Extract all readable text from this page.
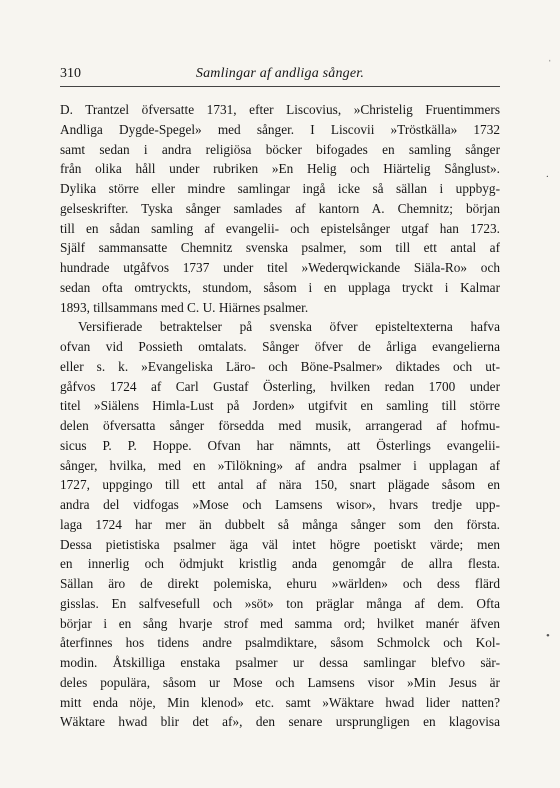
310	Samlingar af andliga sånger.
D. Trantzel öfversatte 1731, efter Liscovius, »Christelig Fruentimmers
Andliga Dygde-Spegel» med sånger. I Liscovii »Tröstkälla» 1732
samt sedan i andra religiösa böcker bifogades en samling sånger
från olika håll under rubriken »En Helig och Hiärtelig Sånglust».
Dylika större eller mindre samlingar ingå icke så sällan i uppbyg-
gelseskrifter. Tyska sånger samlades af kantorn A. Chemnitz; början
till en sådan samling af evangelii- och epistelsånger utgaf han 1723.
Själf sammansatte Chemnitz svenska psalmer, som till ett antal af
hundrade utgåfvos 1737 under titel »Wederqwickande Siäla-Ro» och
sedan ofta omtryckts, stundom, såsom i en upplaga tryckt i Kalmar
1893, tillsammans med C. U. Hiärnes psalmer.
Versifierade betraktelser på svenska öfver episteltexterna hafva
ofvan vid Possieth omtalats. Sånger öfver de årliga evangelierna
eller s. k. »Evangeliska Läro- och Böne-Psalmer» diktades och ut-
gåfvos 1724 af Carl Gustaf Österling, hvilken redan 1700 under
titel »Siälens Himla-Lust på Jorden» utgifvit en samling till större
delen öfversatta sånger försedda med musik, arrangerad af hofmu-
sicus P. P. Hoppe. Ofvan har nämnts, att Österlings evangelii-
sånger, hvilka, med en »Tilökning» af andra psalmer i upplagan af
1727, uppgingo till ett antal af nära 150, snart plägade såsom en
andra del vidfogas »Mose och Lamsens wisor», hvars tredje upp-
laga 1724 har mer än dubbelt så många sånger som den första.
Dessa pietistiska psalmer äga väl intet högre poetiskt värde; men
en innerlig och ödmjukt kristlig anda genomgår de allra flesta.
Sällan äro de direkt polemiska, ehuru »wärlden» och dess flärd
gisslas. En salfvesefull och »söt» ton präglar många af dem. Ofta
börjar i en sång hvarje strof med samma ord; hvilket manér äfven
återfinnes hos tidens andre psalmdiktare, såsom Schmolck och Kol-
modin. Åtskilliga enstaka psalmer ur dessa samlingar blefvo sär-
deles populära, såsom ur Mose och Lamsens visor »Min Jesus är
mitt enda nöje, Min klenod» etc. samt »Wäktare hwad lider natten?
Wäktare hwad blir det af», den senare ursprungligen en klagovisa
ˈ
.
•
